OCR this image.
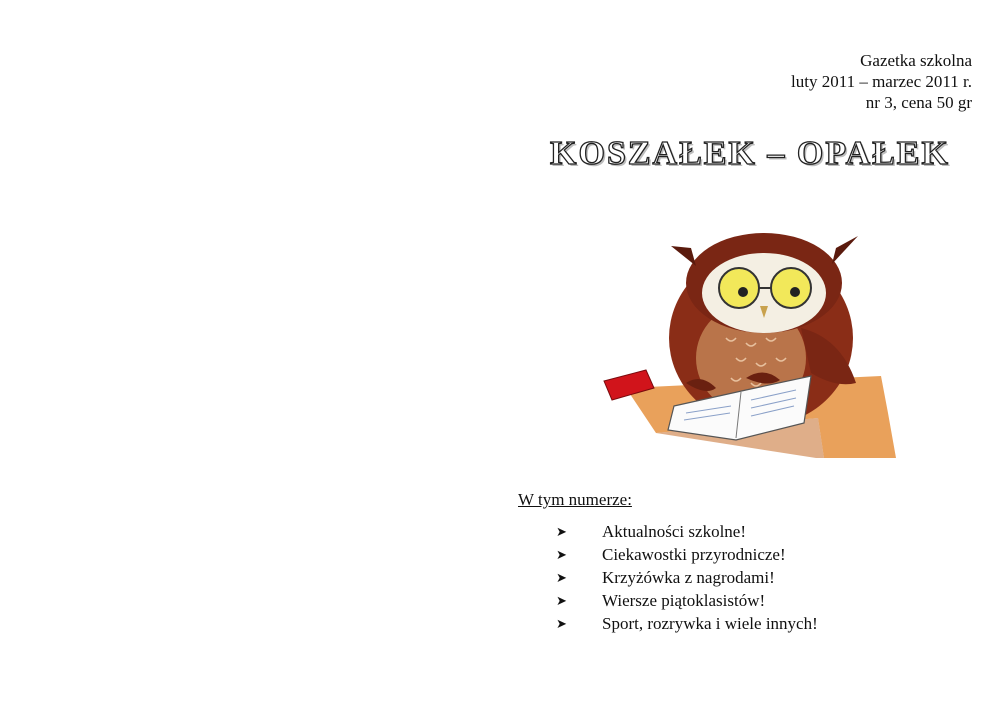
Gazetka szkolna
luty 2011 – marzec 2011 r.
nr 3, cena 50 gr
KOSZAŁEK – OPAŁEK
W tym numerze:
➤	Aktualności szkolne!
➤	Ciekawostki przyrodnicze!
➤	Krzyżówka z nagrodami!
➤	Wiersze piątoklasistów!
➤	Sport, rozrywka i wiele innych!
